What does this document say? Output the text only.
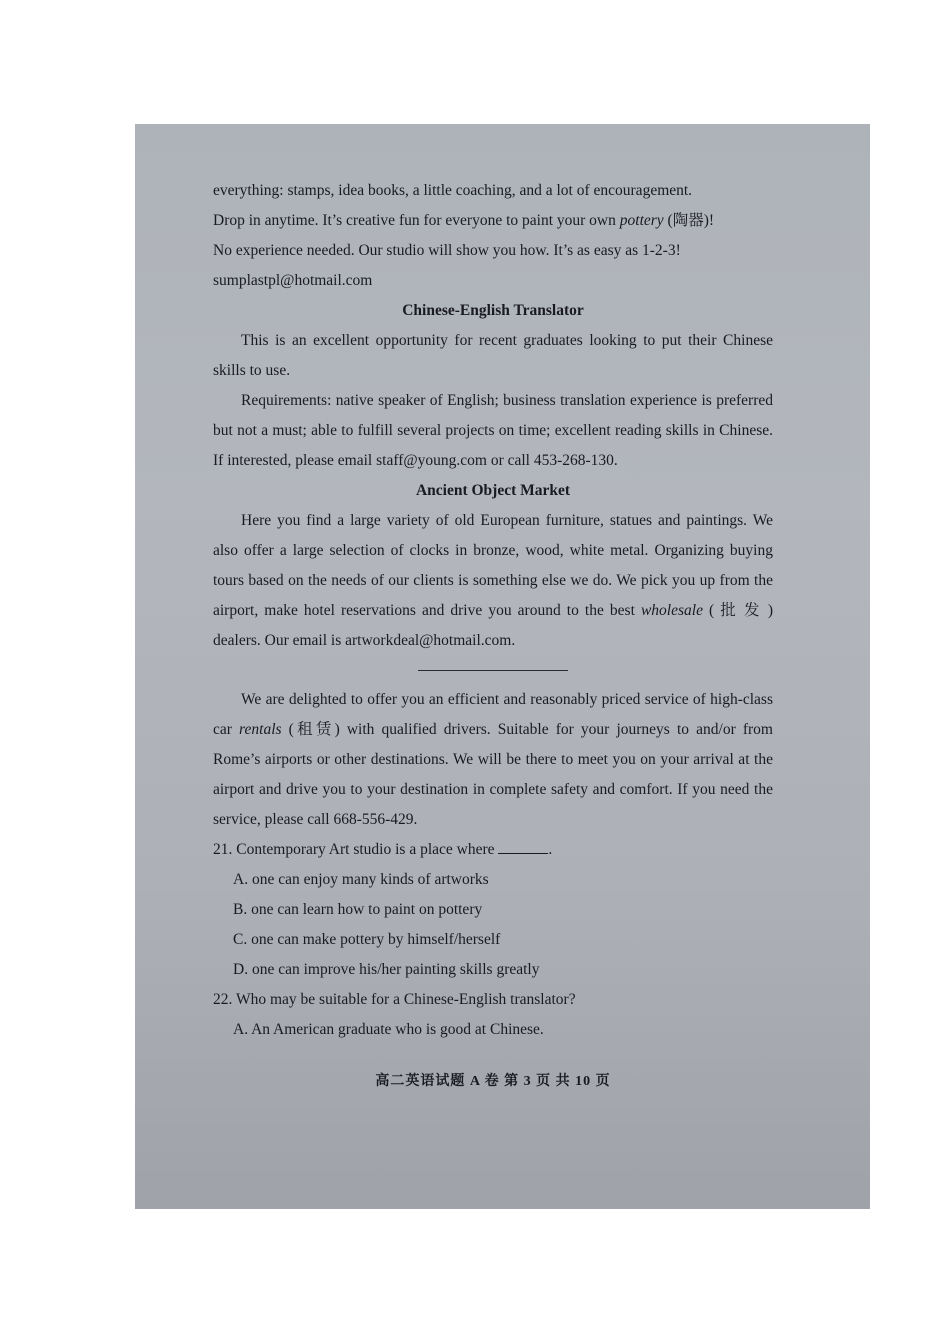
everything: stamps, idea books, a little coaching, and a lot of encouragement.

Drop in anytime. It’s creative fun for everyone to paint your own pottery (陶器)!

No experience needed. Our studio will show you how. It’s as easy as 1-2-3!

sumplastpl@hotmail.com

Chinese-English Translator

This is an excellent opportunity for recent graduates looking to put their Chinese skills to use.

Requirements: native speaker of English; business translation experience is preferred but not a must; able to fulfill several projects on time; excellent reading skills in Chinese. If interested, please email staff@young.com or call 453-268-130.

Ancient Object Market

Here you find a large variety of old European furniture, statues and paintings. We also offer a large selection of clocks in bronze, wood, white metal. Organizing buying tours based on the needs of our clients is something else we do. We pick you up from the airport, make hotel reservations and drive you around to the best wholesale ( 批 发 ) dealers. Our email is artworkdeal@hotmail.com.

We are delighted to offer you an efficient and reasonably priced service of high-class car rentals (租赁) with qualified drivers. Suitable for your journeys to and/or from Rome’s airports or other destinations. We will be there to meet you on your arrival at the airport and drive you to your destination in complete safety and comfort. If you need the service, please call 668-556-429.

21. Contemporary Art studio is a place where	.

A. one can enjoy many kinds of artworks

B. one can learn how to paint on pottery

C. one can make pottery by himself/herself

D. one can improve his/her painting skills greatly

22. Who may be suitable for a Chinese-English translator?

A. An American graduate who is good at Chinese.

高二英语试题 A 卷 第 3 页 共 10 页
